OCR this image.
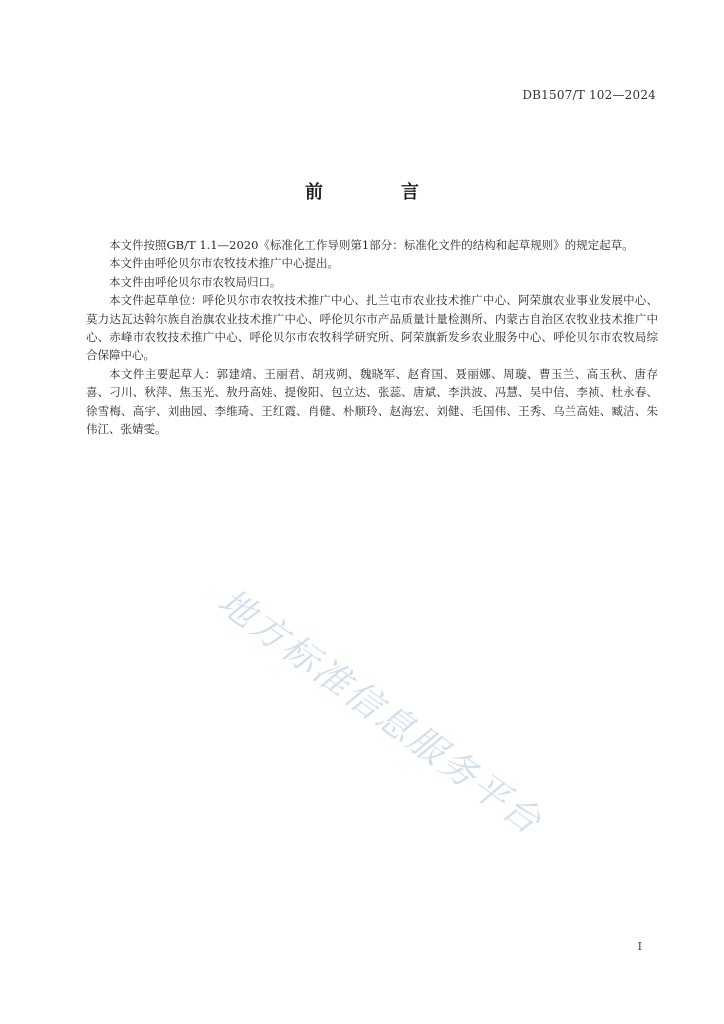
DB1507/T 102—2024
前　言

本文件按照GB/T 1.1—2020《标准化工作导则第1部分：标准化文件的结构和起草规则》的规定起草。

本文件由呼伦贝尔市农牧技术推广中心提出。

本文件由呼伦贝尔市农牧局归口。

本文件起草单位：呼伦贝尔市农牧技术推广中心、扎兰屯市农业技术推广中心、阿荣旗农业事业发展中心、莫力达瓦达斡尔族自治旗农业技术推广中心、呼伦贝尔市产品质量计量检测所、内蒙古自治区农牧业技术推广中心、赤峰市农牧技术推广中心、呼伦贝尔市农牧科学研究所、阿荣旗新发乡农业服务中心、呼伦贝尔市农牧局综合保障中心。

本文件主要起草人：郭建靖、王丽君、胡戎朔、魏晓军、赵育国、聂丽娜、周璇、曹玉兰、高玉秋、唐存喜、刁川、秋萍、焦玉光、敖丹高娃、提俊阳、包立达、张蕊、唐斌、李洪波、冯慧、吴中信、李祯、杜永春、徐雪梅、高宇、刘曲园、李维琦、王红霞、肖健、朴顺玲、赵海宏、刘健、毛国伟、王秀、乌兰高娃、臧洁、朱伟江、张婧雯。

地方标准信息服务平台
I
